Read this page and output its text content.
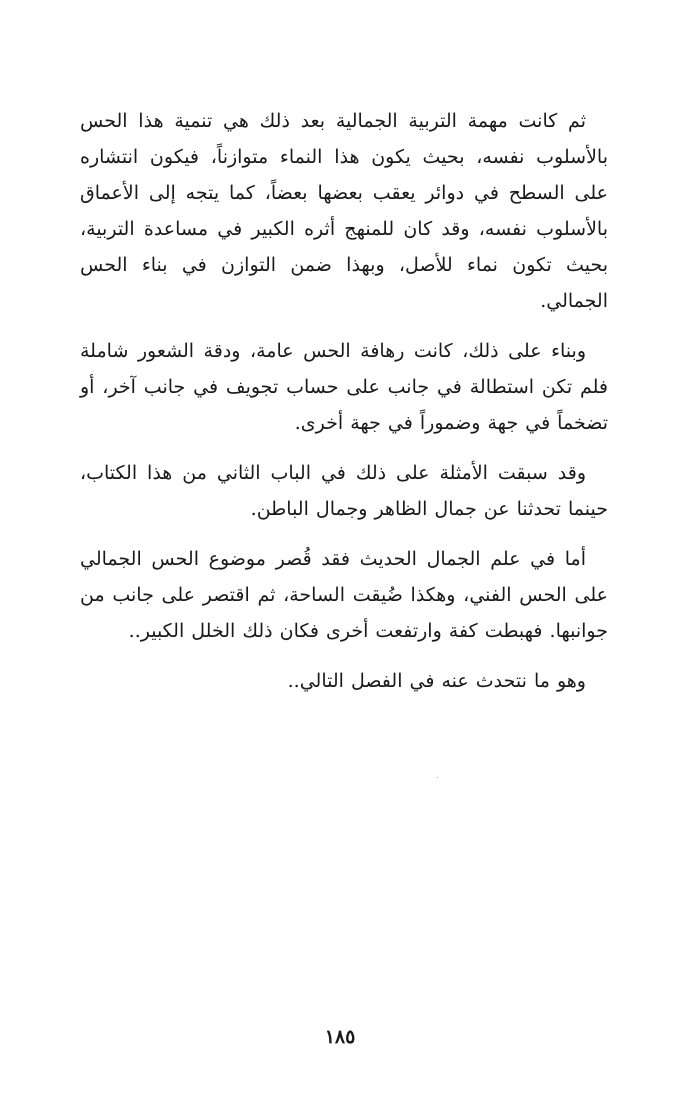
ثم كانت مهمة التربية الجمالية بعد ذلك هي تنمية هذا الحس بالأسلوب نفسه، بحيث يكون هذا النماء متوازناً، فيكون انتشاره على السطح في دوائر يعقب بعضها بعضاً، كما يتجه إلى الأعماق بالأسلوب نفسه، وقد كان للمنهج أثره الكبير في مساعدة التربية، بحيث تكون نماء للأصل، وبهذا ضمن التوازن في بناء الحس الجمالي.

وبناء على ذلك، كانت رهافة الحس عامة، ودقة الشعور شاملة فلم تكن استطالة في جانب على حساب تجويف في جانب آخر، أو تضخماً في جهة وضموراً في جهة أخرى.

وقد سبقت الأمثلة على ذلك في الباب الثاني من هذا الكتاب، حينما تحدثنا عن جمال الظاهر وجمال الباطن.

أما في علم الجمال الحديث فقد قُصر موضوع الحس الجمالي على الحس الفني، وهكذا ضُيقت الساحة، ثم اقتصر على جانب من جوانبها. فهبطت كفة وارتفعت أخرى فكان ذلك الخلل الكبير..

وهو ما نتحدث عنه في الفصل التالي..

١٨٥
